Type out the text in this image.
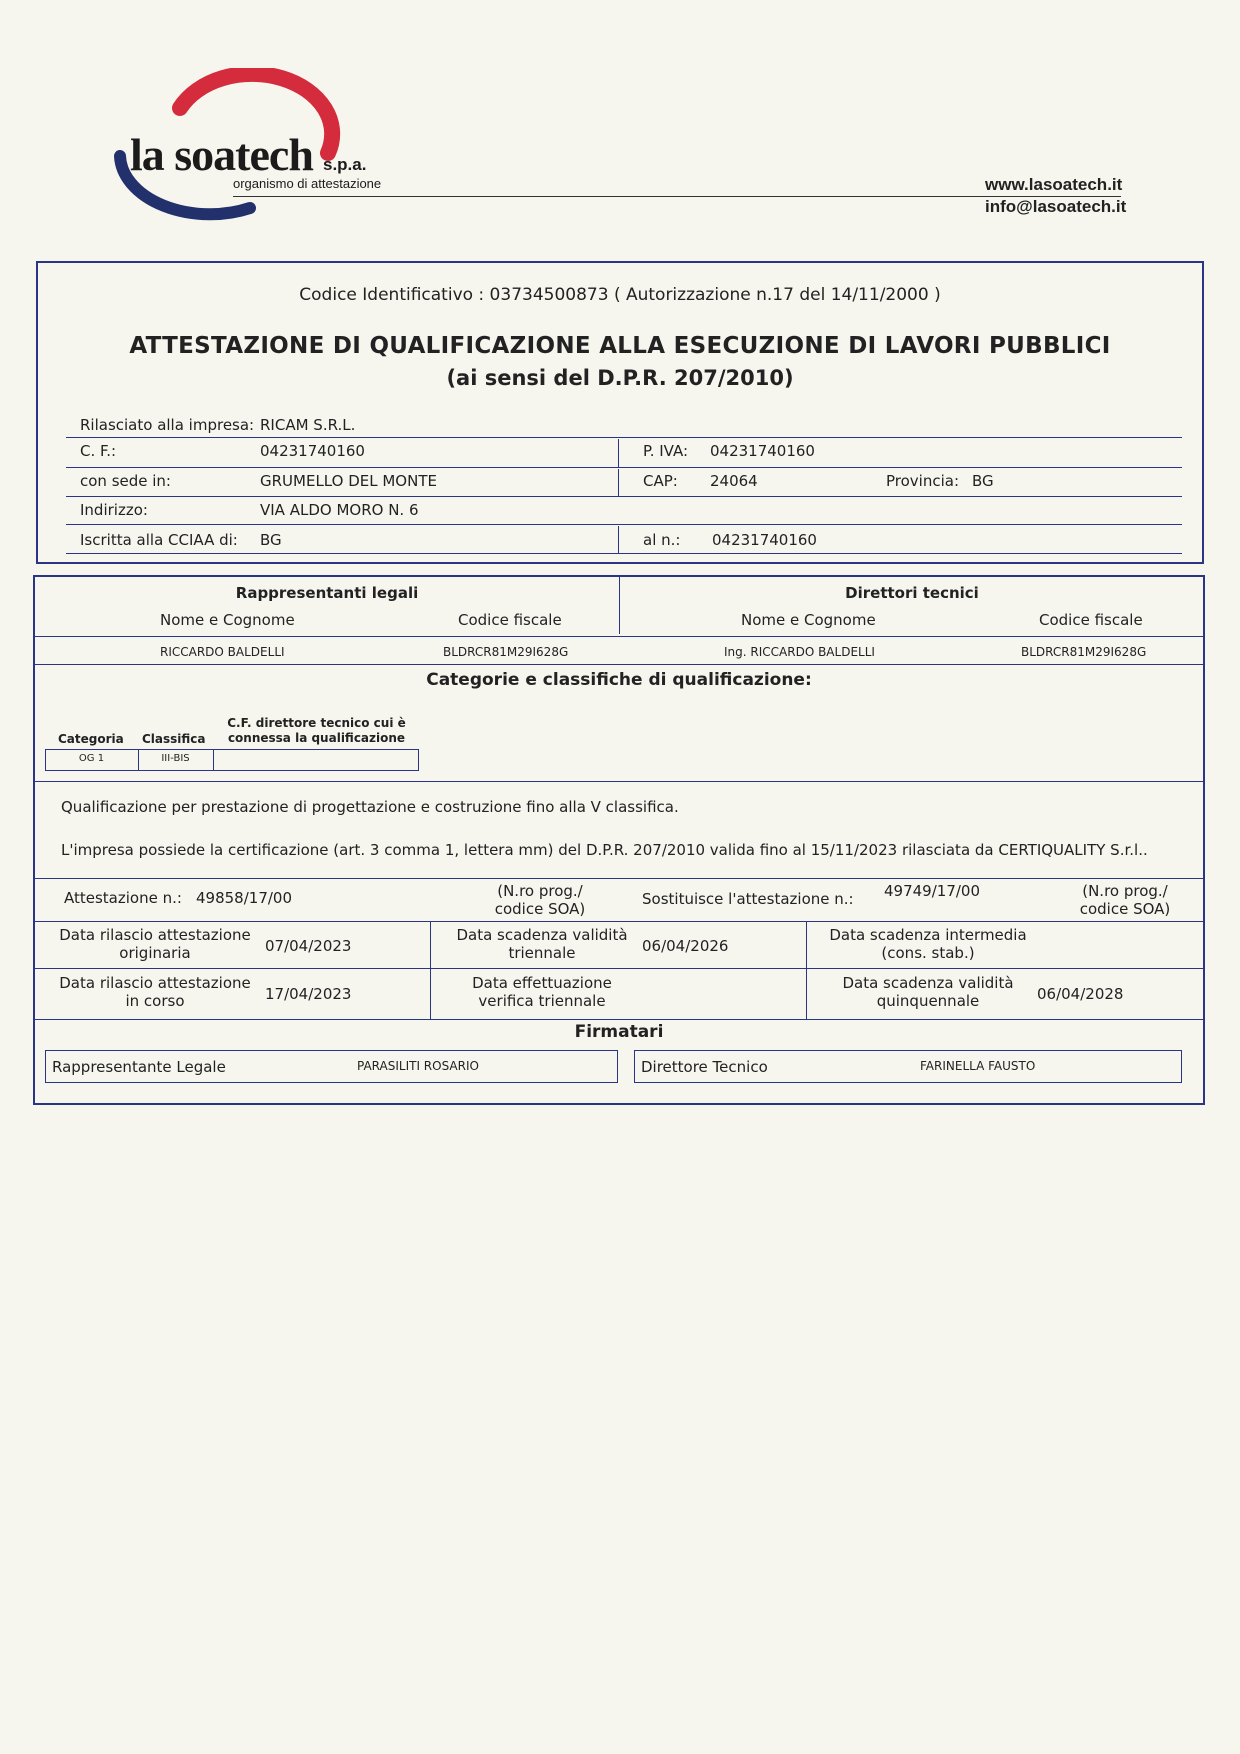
la soatech s.p.a.
organismo di attestazione	www.lasoatech.it
info@lasoatech.it
Codice Identificativo : 03734500873 ( Autorizzazione n.17 del 14/11/2000 )
ATTESTAZIONE DI QUALIFICAZIONE ALLA ESECUZIONE DI LAVORI PUBBLICI
(ai sensi del D.P.R. 207/2010)
Rilasciato alla impresa: RICAM S.R.L.
C. F.:	04231740160	P. IVA: 04231740160
con sede in:	GRUMELLO DEL MONTE	CAP: 24064	Provincia: BG
Indirizzo:	VIA ALDO MORO N. 6
Iscritta alla CCIAA di: BG	al n.: 04231740160
Rappresentanti legali
Nome e Cognome	Codice fiscale
Direttori tecnici
Nome e Cognome	Codice fiscale
RICCARDO BALDELLI	BLDRCR81M29I628G	Ing. RICCARDO BALDELLI	BLDRCR81M29I628G
Categorie e classifiche di qualificazione:
Categoria Classifica
C.F. direttore tecnico cui è
connessa la qualificazione
OG 1	III-BIS
Qualificazione per prestazione di progettazione e costruzione fino alla V classifica.
L'impresa possiede la certificazione (art. 3 comma 1, lettera mm) del D.P.R. 207/2010 valida fino al 15/11/2023 rilasciata da CERTIQUALITY S.r.l..
Attestazione n.: 49858/17/00	(N.ro prog./
codice SOA)
Sostituisce l'attestazione n.: 49749/17/00	(N.ro prog./
codice SOA)
Data rilascio attestazione
originaria	07/04/2023
Data scadenza validità
triennale	06/04/2026
Data scadenza intermedia
(cons. stab.)
Data rilascio attestazione
in corso	17/04/2023
Data effettuazione
verifica triennale
Data scadenza validità
quinquennale	06/04/2028
Firmatari
Rappresentante Legale	PARASILITI ROSARIO	Direttore Tecnico	FARINELLA FAUSTO
